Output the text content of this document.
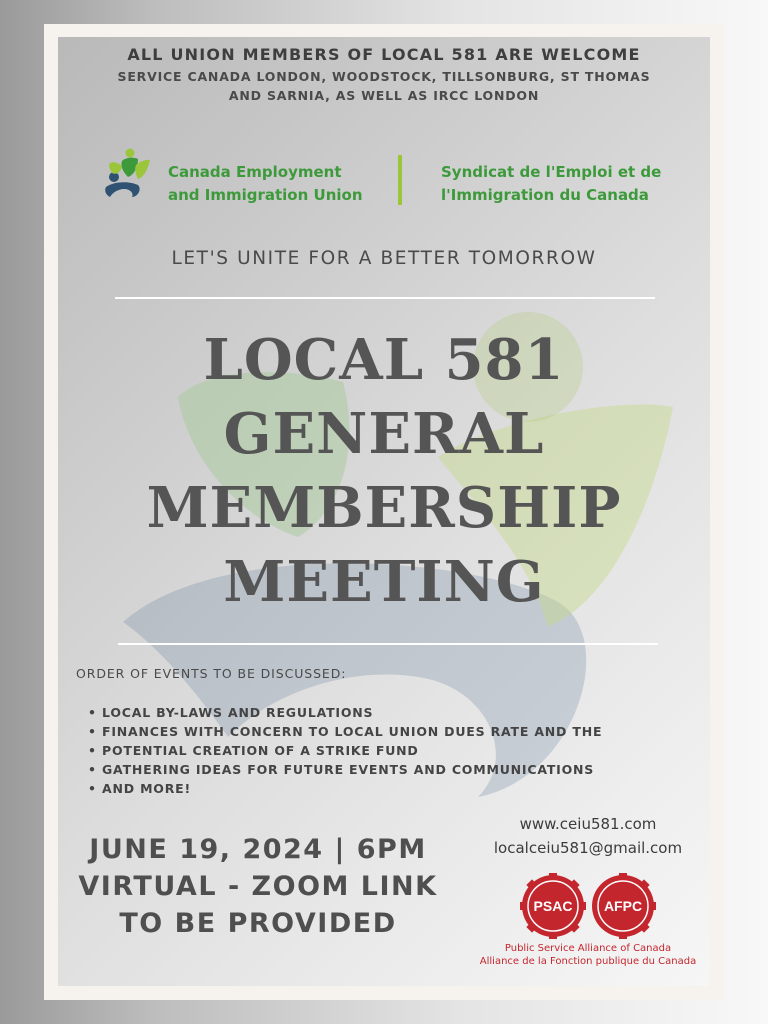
ALL UNION MEMBERS OF LOCAL 581 ARE WELCOME
SERVICE CANADA LONDON, WOODSTOCK, TILLSONBURG, ST THOMAS
AND SARNIA, AS WELL AS IRCC LONDON
Canada Employment
and Immigration Union
Syndicat de l'Emploi et de
l'Immigration du Canada
LET'S UNITE FOR A BETTER TOMORROW
LOCAL 581
GENERAL
MEMBERSHIP
MEETING
ORDER OF EVENTS TO BE DISCUSSED:
• LOCAL BY-LAWS AND REGULATIONS
• FINANCES WITH CONCERN TO LOCAL UNION DUES RATE AND THE
• POTENTIAL CREATION OF A STRIKE FUND
• GATHERING IDEAS FOR FUTURE EVENTS AND COMMUNICATIONS
• AND MORE!
JUNE 19, 2024 | 6PM
VIRTUAL - ZOOM LINK
TO BE PROVIDED
www.ceiu581.com
localceiu581@gmail.com
PSAC AFPC
Public Service Alliance of Canada
Alliance de la Fonction publique du Canada
